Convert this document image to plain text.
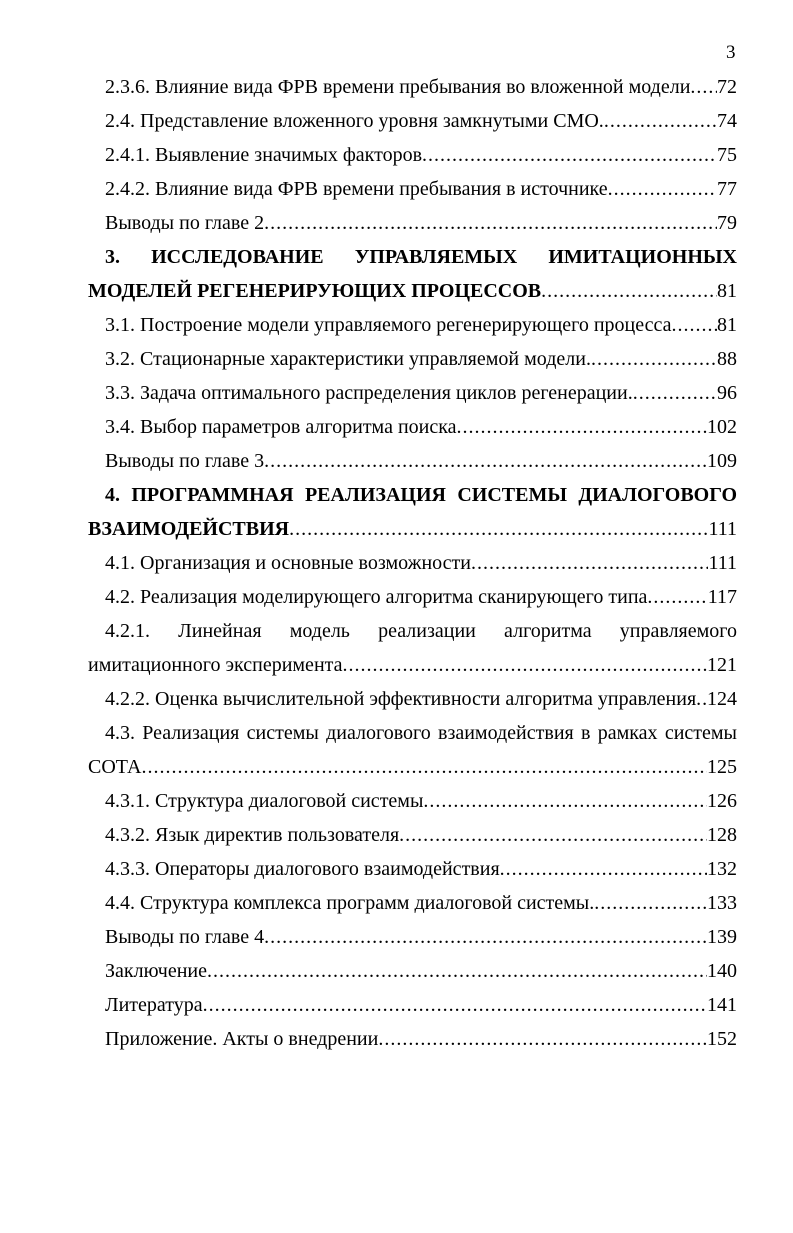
3
2.3.6. Влияние вида ФРВ времени пребывания во вложенной модели ..... 72
2.4. Представление вложенного уровня замкнутыми СМО. .....	74
2.4.1. Выявление значимых факторов .....	75
2.4.2. Влияние вида ФРВ времени пребывания в источнике .....	77
Выводы по главе 2 .....	79
3. ИССЛЕДОВАНИЕ УПРАВЛЯЕМЫХ ИМИТАЦИОННЫХ
МОДЕЛЕЙ РЕГЕНЕРИРУЮЩИХ ПРОЦЕССОВ .....	81
3.1. Построение модели управляемого регенерирующего процесса ..... 81
3.2. Стационарные характеристики управляемой модели. .....	88
3.3. Задача оптимального распределения циклов регенерации. .....	96
3.4. Выбор параметров алгоритма поиска .....	102
Выводы по главе 3 .....	109
4. ПРОГРАММНАЯ РЕАЛИЗАЦИЯ СИСТЕМЫ ДИАЛОГОВОГО
ВЗАИМОДЕЙСТВИЯ .....	111
4.1. Организация и основные возможности .....	111
4.2. Реализация моделирующего алгоритма сканирующего типа .....	117
4.2.1. Линейная модель реализации алгоритма управляемого
имитационного эксперимента .....	121
4.2.2. Оценка вычислительной эффективности алгоритма управления ..... 124
4.3. Реализация системы диалогового взаимодействия в рамках системы
СОТА .....	125
4.3.1. Структура диалоговой системы .....	126
4.3.2. Язык директив пользователя .....	128
4.3.3. Операторы диалогового взаимодействия .....	132
4.4. Структура комплекса программ диалоговой системы. .....	133
Выводы по главе 4 .....	139
Заключение .....	140
Литература .....	141
Приложение. Акты о внедрении .....	152
